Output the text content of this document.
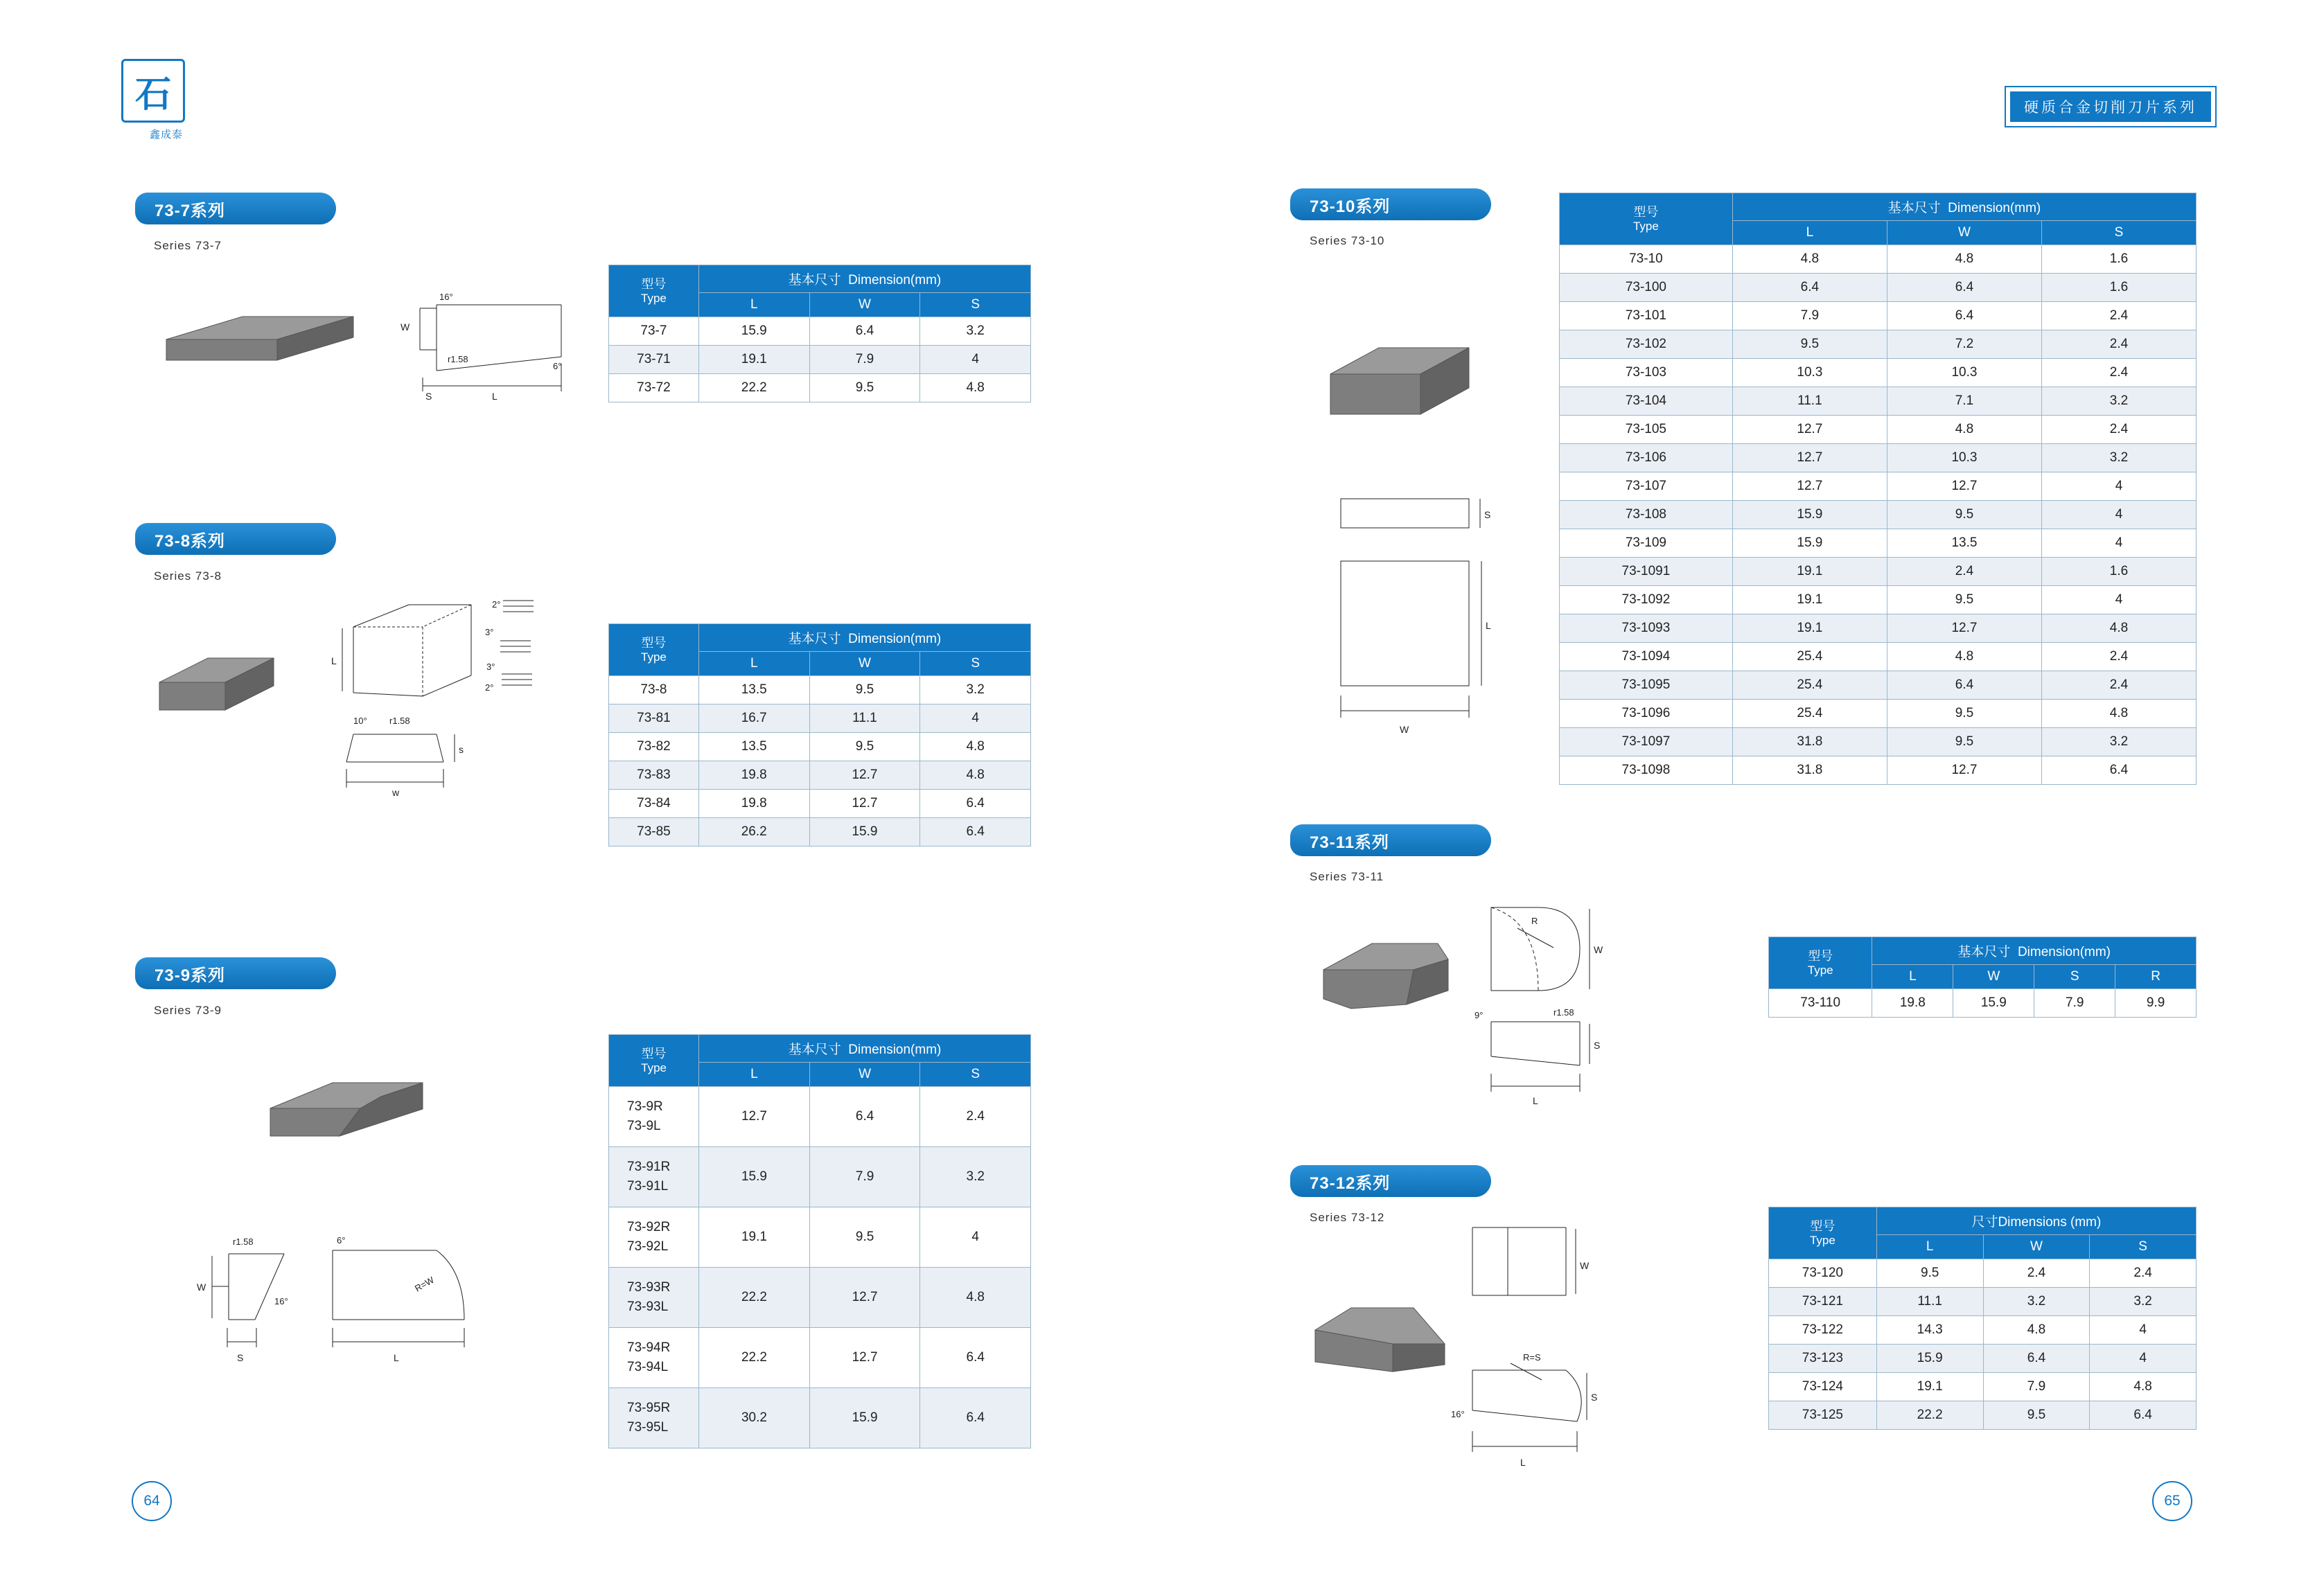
石
鑫成泰
硬质合金切削刀片系列
73-7系列
Series 73-7
W
S	L
16°
r1.58
6°
型号
Type	基本尺寸 Dimension(mm)		
	L	W	S
73-7	15.9	6.4	3.2
73-71	19.1	7.9	4
73-72	22.2	9.5	4.8
73-8系列
Series 73-8
L
2°
3°
3°
2°
w
s
10° r1.58
型号
Type	基本尺寸 Dimension(mm)		
	L	W	S
73-8	13.5	9.5	3.2
73-81	16.7	11.1	4
73-82	13.5	9.5	4.8
73-83	19.8	12.7	4.8
73-84	19.8	12.7	6.4
73-85	26.2	15.9	6.4
73-9系列
Series 73-9
W
S
r1.58
16°
L
6°
R=W
型号
Type	基本尺寸 Dimension(mm)		
	L	W	S

73-9R
73-9L	12.7	6.4	2.4

73-91R
73-91L	15.9	7.9	3.2

73-92R
73-92L	19.1	9.5	4

73-93R
73-93L	22.2	12.7	4.8

73-94R
73-94L	22.2	12.7	6.4

73-95R
73-95L	30.2	15.9	6.4
73-10系列
Series 73-10
S
L
W
型号
Type	基本尺寸 Dimension(mm)		
	L	W	S
73-10	4.8	4.8	1.6
73-100	6.4	6.4	1.6
73-101	7.9	6.4	2.4
73-102	9.5	7.2	2.4
73-103	10.3	10.3	2.4
73-104	11.1	7.1	3.2
73-105	12.7	4.8	2.4
73-106	12.7	10.3	3.2
73-107	12.7	12.7	4
73-108	15.9	9.5	4
73-109	15.9	13.5	4
73-1091	19.1	2.4	1.6
73-1092	19.1	9.5	4
73-1093	19.1	12.7	4.8
73-1094	25.4	4.8	2.4
73-1095	25.4	6.4	2.4
73-1096	25.4	9.5	4.8
73-1097	31.8	9.5	3.2
73-1098	31.8	12.7	6.4
73-11系列
Series 73-11
R
W
S
9°	r1.58
L
型号
Type	基本尺寸 Dimension(mm)			
	L	W	S	R
73-110	19.8	15.9	7.9	9.9
73-12系列
Series 73-12
W
R=S
S
16°
L
型号
Type	尺寸Dimensions (mm)		
	L	W	S
73-120	9.5	2.4	2.4
73-121	11.1	3.2	3.2
73-122	14.3	4.8	4
73-123	15.9	6.4	4
73-124	19.1	7.9	4.8
73-125	22.2	9.5	6.4
64	65
